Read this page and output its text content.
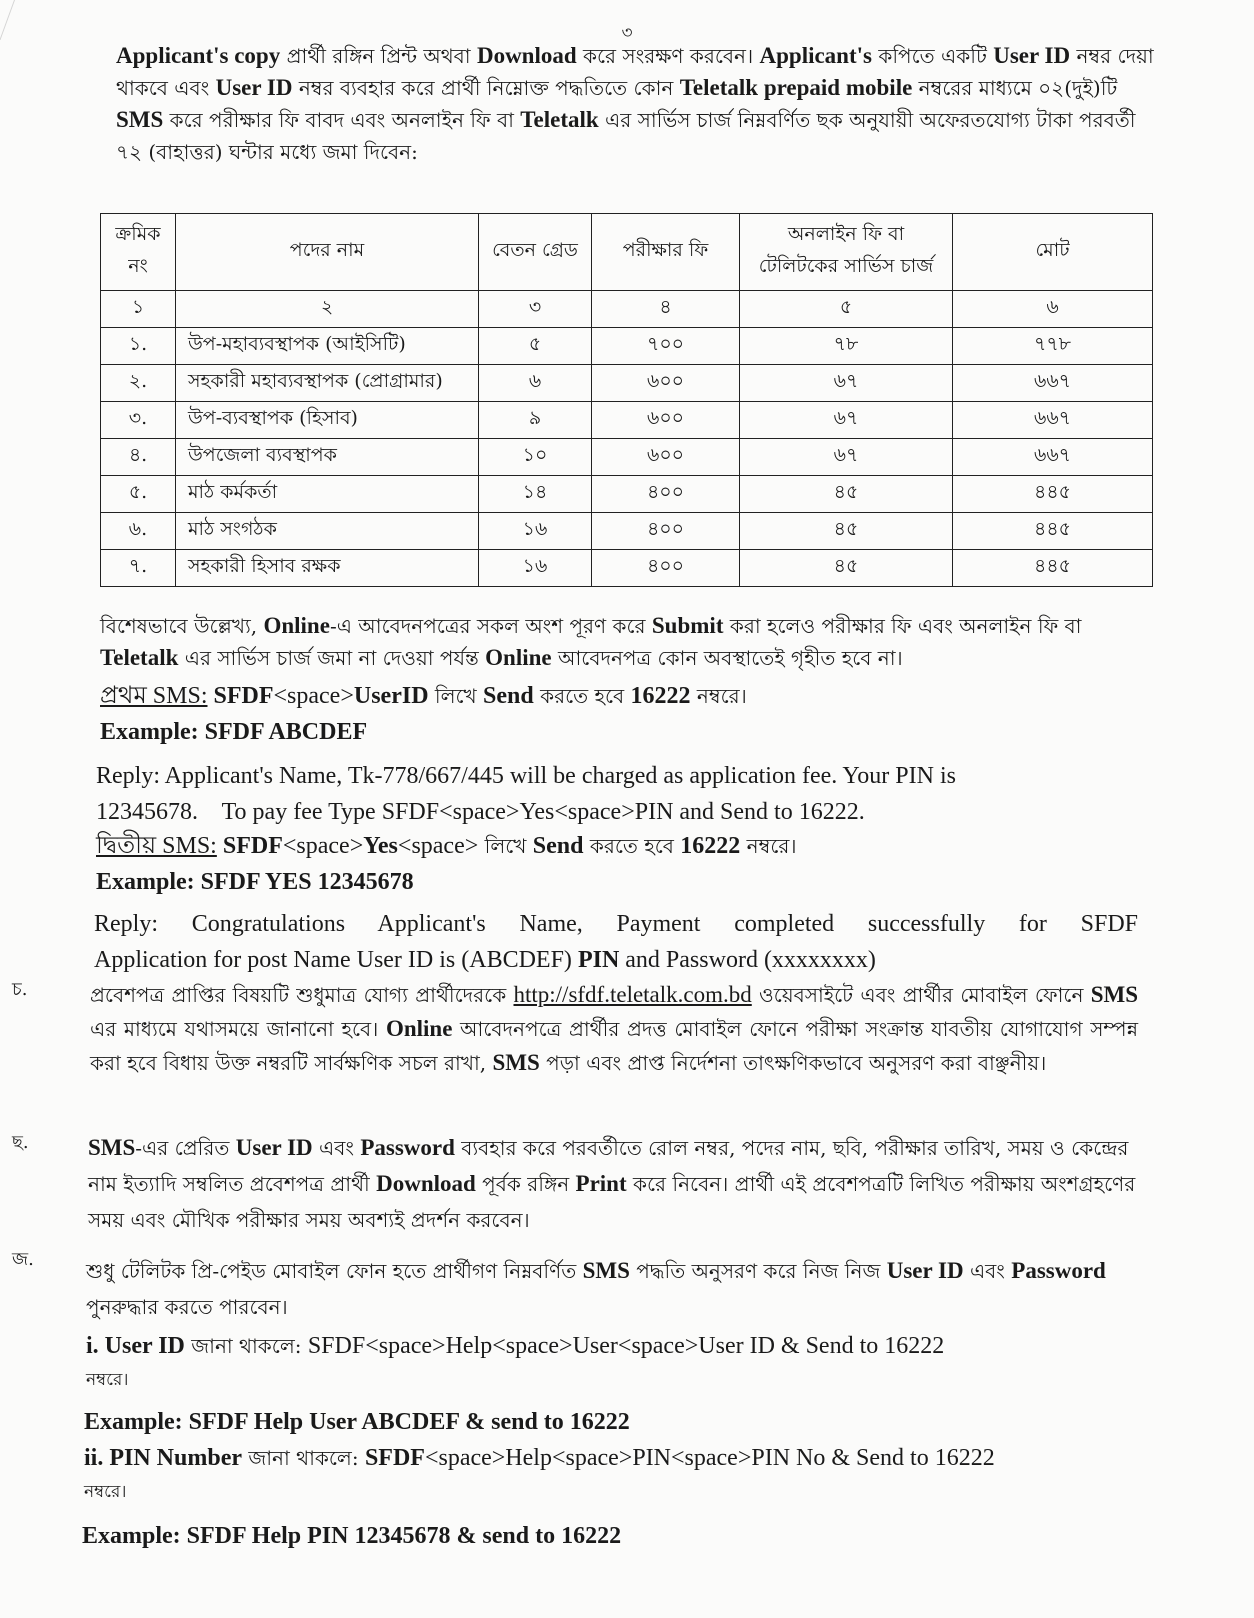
৩
Applicant's copy প্রার্থী রঙ্গিন প্রিন্ট অথবা Download করে সংরক্ষণ করবেন। Applicant's কপিতে একটি User ID নম্বর দেয়া থাকবে এবং User ID নম্বর ব্যবহার করে প্রার্থী নিম্নোক্ত পদ্ধতিতে কোন Teletalk prepaid mobile নম্বরের মাধ্যমে ০২(দুই)টি SMS করে পরীক্ষার ফি বাবদ এবং অনলাইন ফি বা Teletalk এর সার্ভিস চার্জ নিম্নবর্ণিত ছক অনুযায়ী অফেরতযোগ্য টাকা পরবর্তী ৭২ (বাহাত্তর) ঘন্টার মধ্যে জমা দিবেন:
ক্রমিক নং	পদের নাম	বেতন গ্রেড	পরীক্ষার ফি	অনলাইন ফি বা টেলিটকের সার্ভিস চার্জ	মোট
১	২	৩	৪	৫	৬
১.	উপ-মহাব্যবস্থাপক (আইসিটি)	৫	৭০০	৭৮	৭৭৮
২.	সহকারী মহাব্যবস্থাপক (প্রোগ্রামার)	৬	৬০০	৬৭	৬৬৭
৩.	উপ-ব্যবস্থাপক (হিসাব)	৯	৬০০	৬৭	৬৬৭
৪.	উপজেলা ব্যবস্থাপক	১০	৬০০	৬৭	৬৬৭
৫.	মাঠ কর্মকর্তা	১৪	৪০০	৪৫	৪৪৫
৬.	মাঠ সংগঠক	১৬	৪০০	৪৫	৪৪৫
৭.	সহকারী হিসাব রক্ষক	১৬	৪০০	৪৫	৪৪৫
বিশেষভাবে উল্লেখ্য, Online-এ আবেদনপত্রের সকল অংশ পূরণ করে Submit করা হলেও পরীক্ষার ফি এবং অনলাইন ফি বা Teletalk এর সার্ভিস চার্জ জমা না দেওয়া পর্যন্ত Online আবেদনপত্র কোন অবস্থাতেই গৃহীত হবে না।
প্রথম SMS: SFDF<space>UserID লিখে Send করতে হবে 16222 নম্বরে।
Example: SFDF ABCDEF
Reply: Applicant's Name, Tk-778/667/445 will be charged as application fee. Your PIN is
12345678.    To pay fee Type SFDF<space>Yes<space>PIN and Send to 16222.
দ্বিতীয় SMS: SFDF<space>Yes<space> লিখে Send করতে হবে 16222 নম্বরে।
Example: SFDF YES 12345678
Reply: Congratulations Applicant's Name, Payment completed successfully for SFDF
Application for post Name User ID is (ABCDEF) PIN and Password (xxxxxxxx)
চ.	প্রবেশপত্র প্রাপ্তির বিষয়টি শুধুমাত্র যোগ্য প্রার্থীদেরকে http://sfdf.teletalk.com.bd ওয়েবসাইটে এবং প্রার্থীর মোবাইল ফোনে SMS এর মাধ্যমে যথাসময়ে জানানো হবে। Online আবেদনপত্রে প্রার্থীর প্রদত্ত মোবাইল ফোনে পরীক্ষা সংক্রান্ত যাবতীয় যোগাযোগ সম্পন্ন করা হবে বিধায় উক্ত নম্বরটি সার্বক্ষণিক সচল রাখা, SMS পড়া এবং প্রাপ্ত নির্দেশনা তাৎক্ষণিকভাবে অনুসরণ করা বাঞ্ছনীয়।
ছ.	SMS-এর প্রেরিত User ID এবং Password ব্যবহার করে পরবর্তীতে রোল নম্বর, পদের নাম, ছবি, পরীক্ষার তারিখ, সময় ও কেন্দ্রের নাম ইত্যাদি সম্বলিত প্রবেশপত্র প্রার্থী Download পূর্বক রঙ্গিন Print করে নিবেন। প্রার্থী এই প্রবেশপত্রটি লিখিত পরীক্ষায় অংশগ্রহণের সময় এবং মৌখিক পরীক্ষার সময় অবশ্যই প্রদর্শন করবেন।
জ.	শুধু টেলিটক প্রি-পেইড মোবাইল ফোন হতে প্রার্থীগণ নিম্নবর্ণিত SMS পদ্ধতি অনুসরণ করে নিজ নিজ User ID এবং Password পুনরুদ্ধার করতে পারবেন।
i. User ID জানা থাকলে: SFDF<space>Help<space>User<space>User ID & Send to 16222
নম্বরে।
Example: SFDF Help User ABCDEF & send to 16222
ii. PIN Number জানা থাকলে: SFDF<space>Help<space>PIN<space>PIN No & Send to 16222
নম্বরে।
Example: SFDF Help PIN 12345678 & send to 16222
